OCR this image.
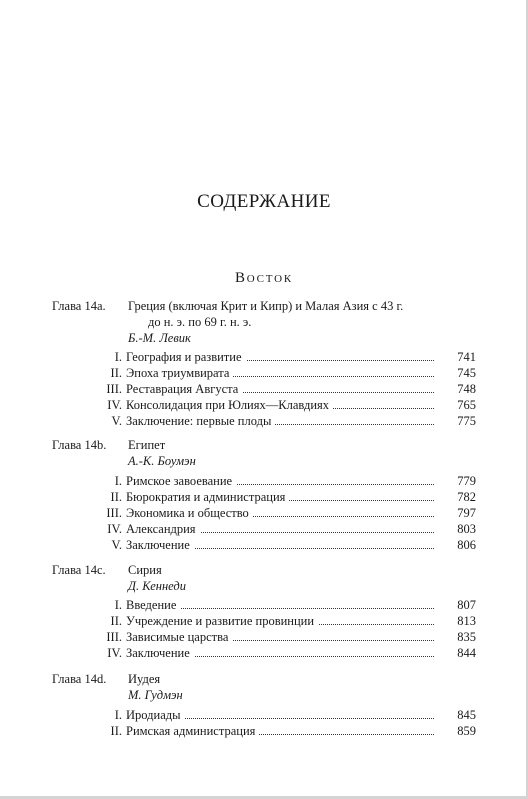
СОДЕРЖАНИЕ
Восток
Глава 14a. Греция (включая Крит и Кипр) и Малая Азия с 43 г.
до н. э. по 69 г. н. э.
Б.-М. Левик
I. География и развитие	741
II. Эпоха триумвирата	745
III. Реставрация Августа	748
IV. Консолидация при Юлиях—Клавдиях	765
V. Заключение: первые плоды	775
Глава 14b. Египет
А.-К. Боумэн
I. Римское завоевание	779
II. Бюрократия и администрация	782
III. Экономика и общество	797
IV. Александрия	803
V. Заключение	806
Глава 14c. Сирия
Д. Кеннеди
I. Введение	807
II. Учреждение и развитие провинции	813
III. Зависимые царства	835
IV. Заключение	844
Глава 14d. Иудея
М. Гудмэн
I. Иродиады	845
II. Римская администрация	859
